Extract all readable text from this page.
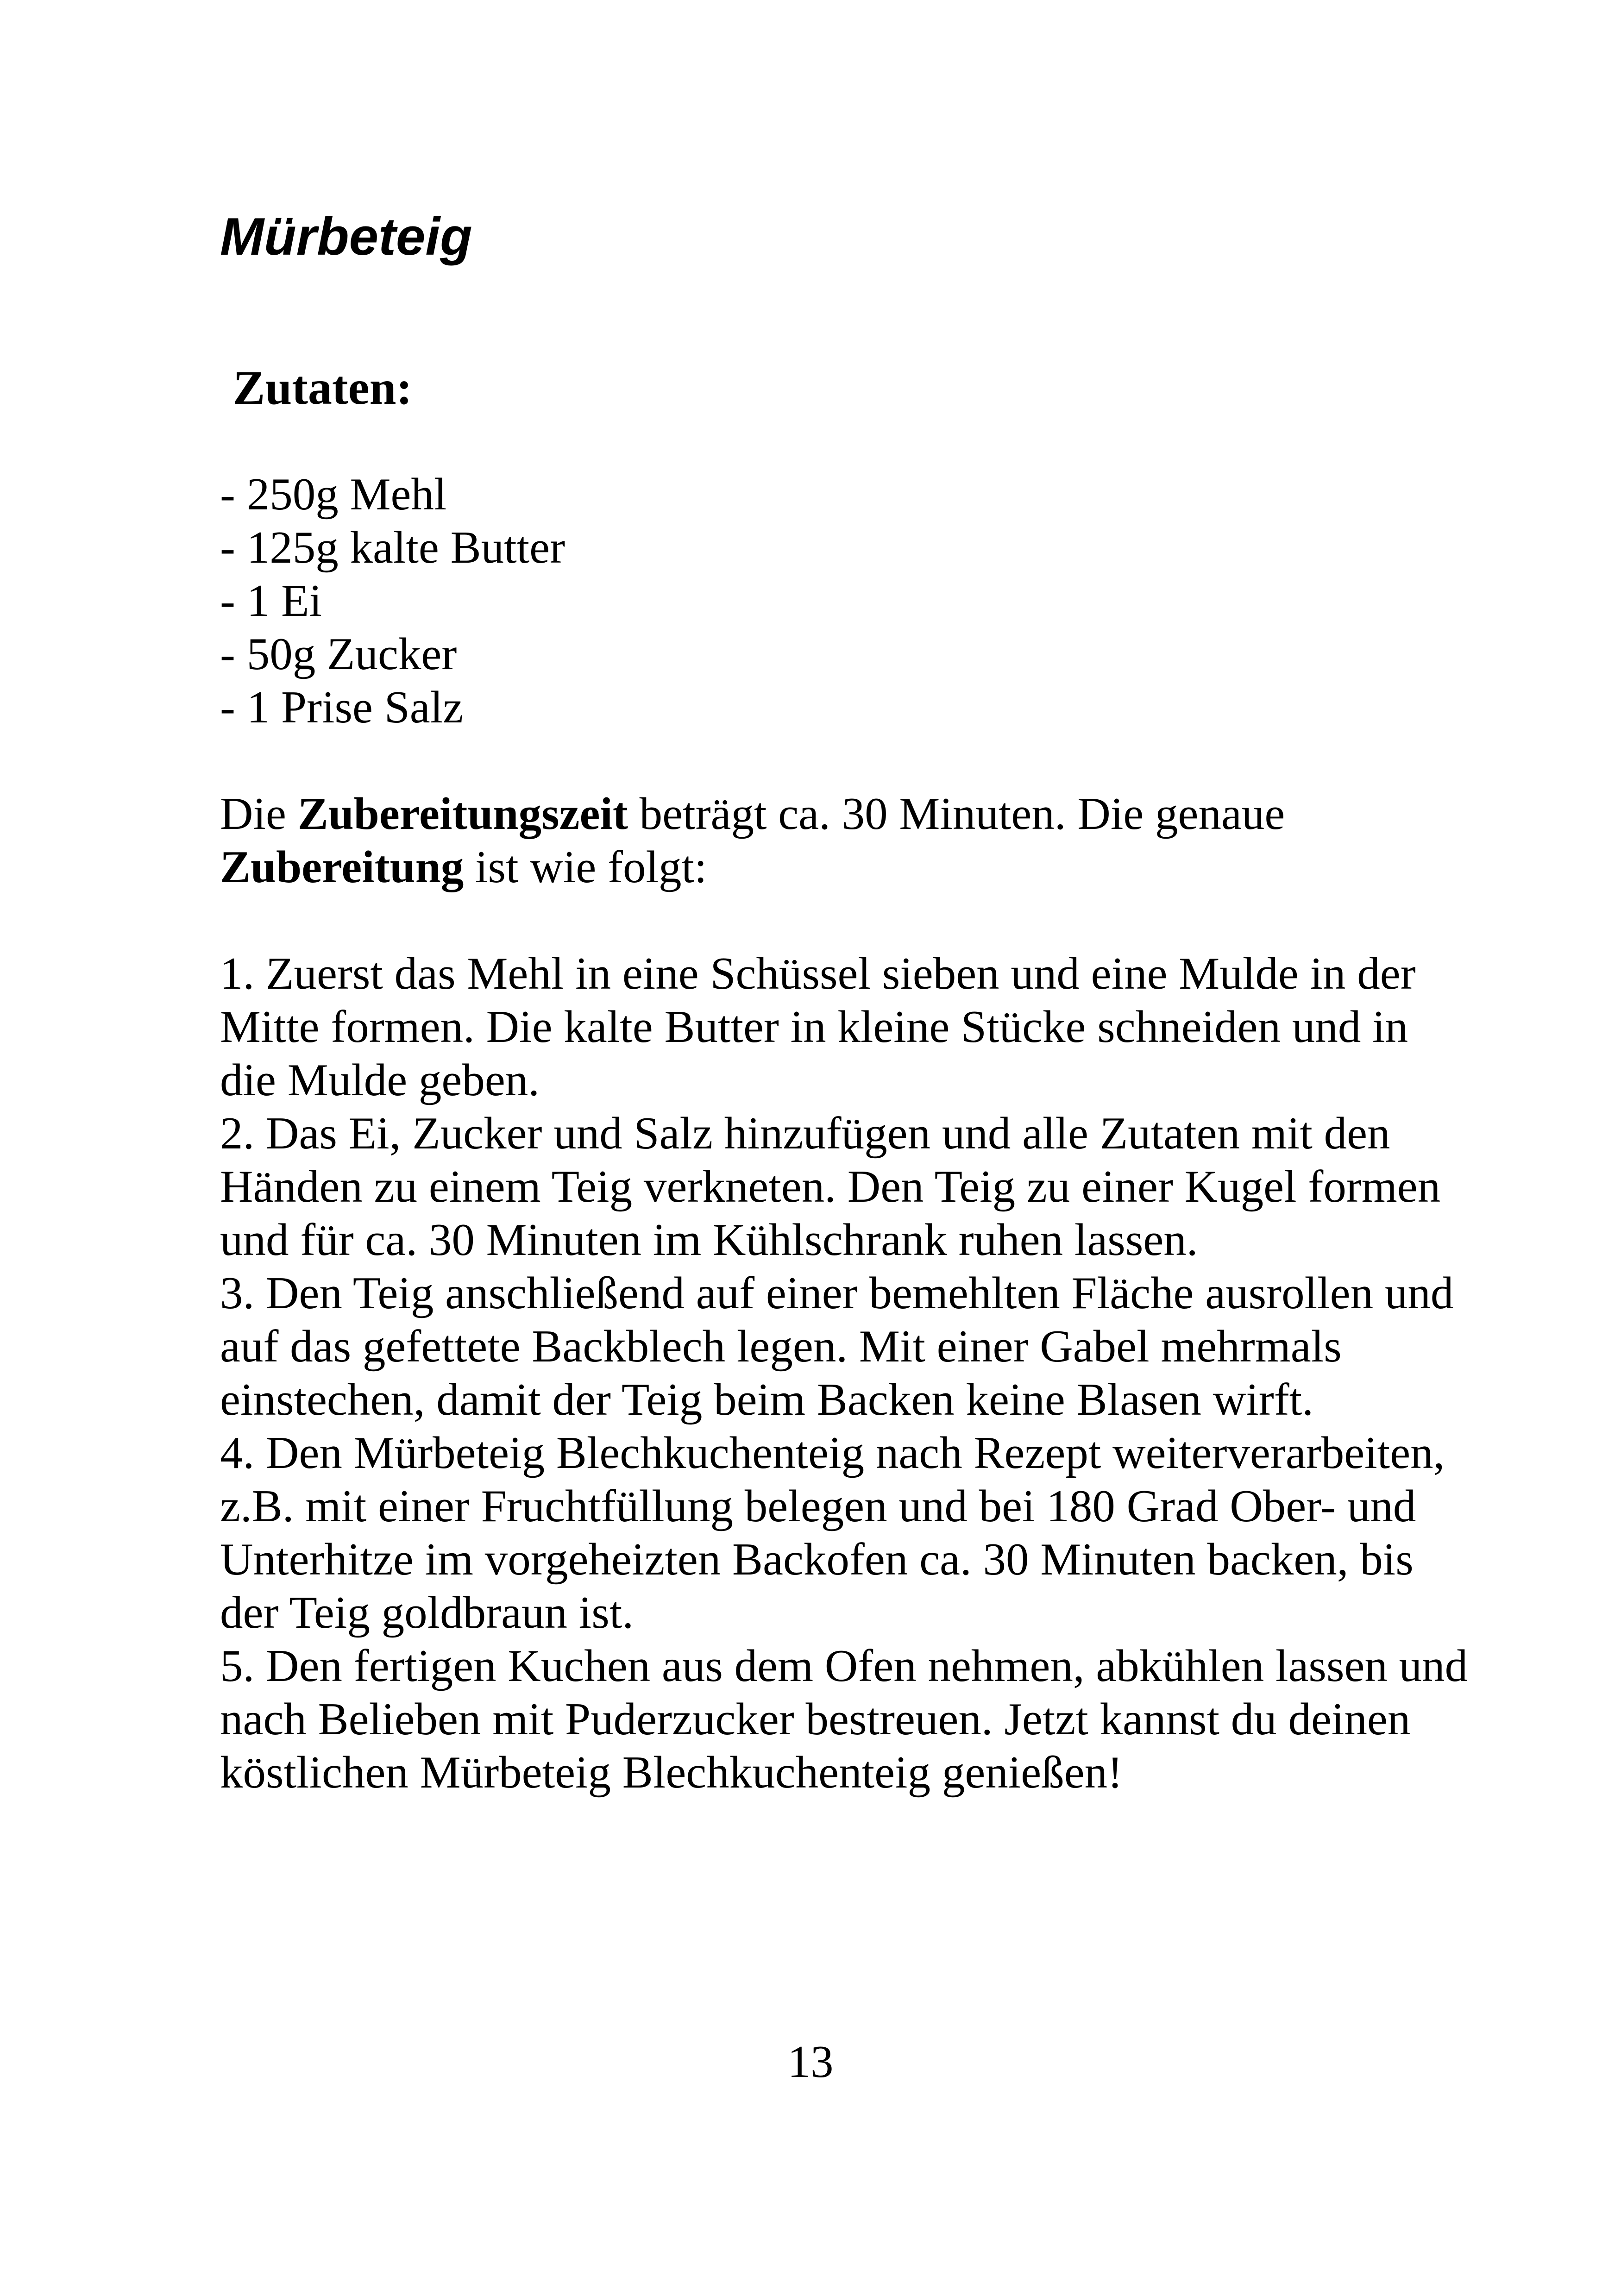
Mürbeteig
Zutaten:
- 250g Mehl
- 125g kalte Butter
- 1 Ei
- 50g Zucker
- 1 Prise Salz

Die Zubereitungszeit beträgt ca. 30 Minuten. Die genaue
Zubereitung ist wie folgt:

1. Zuerst das Mehl in eine Schüssel sieben und eine Mulde in der Mitte formen. Die kalte Butter in kleine Stücke schneiden und in die Mulde geben.

2. Das Ei, Zucker und Salz hinzufügen und alle Zutaten mit den Händen zu einem Teig verkneten. Den Teig zu einer Kugel formen und für ca. 30 Minuten im Kühlschrank ruhen lassen.

3. Den Teig anschließend auf einer bemehlten Fläche ausrollen und auf das gefettete Backblech legen. Mit einer Gabel mehrmals einstechen, damit der Teig beim Backen keine Blasen wirft.

4. Den Mürbeteig Blechkuchenteig nach Rezept weiterverarbeiten, z.B. mit einer Fruchtfüllung belegen und bei 180 Grad Ober- und Unterhitze im vorgeheizten Backofen ca. 30 Minuten backen, bis der Teig goldbraun ist.

5. Den fertigen Kuchen aus dem Ofen nehmen, abkühlen lassen und nach Belieben mit Puderzucker bestreuen. Jetzt kannst du deinen köstlichen Mürbeteig Blechkuchenteig genießen!

13
